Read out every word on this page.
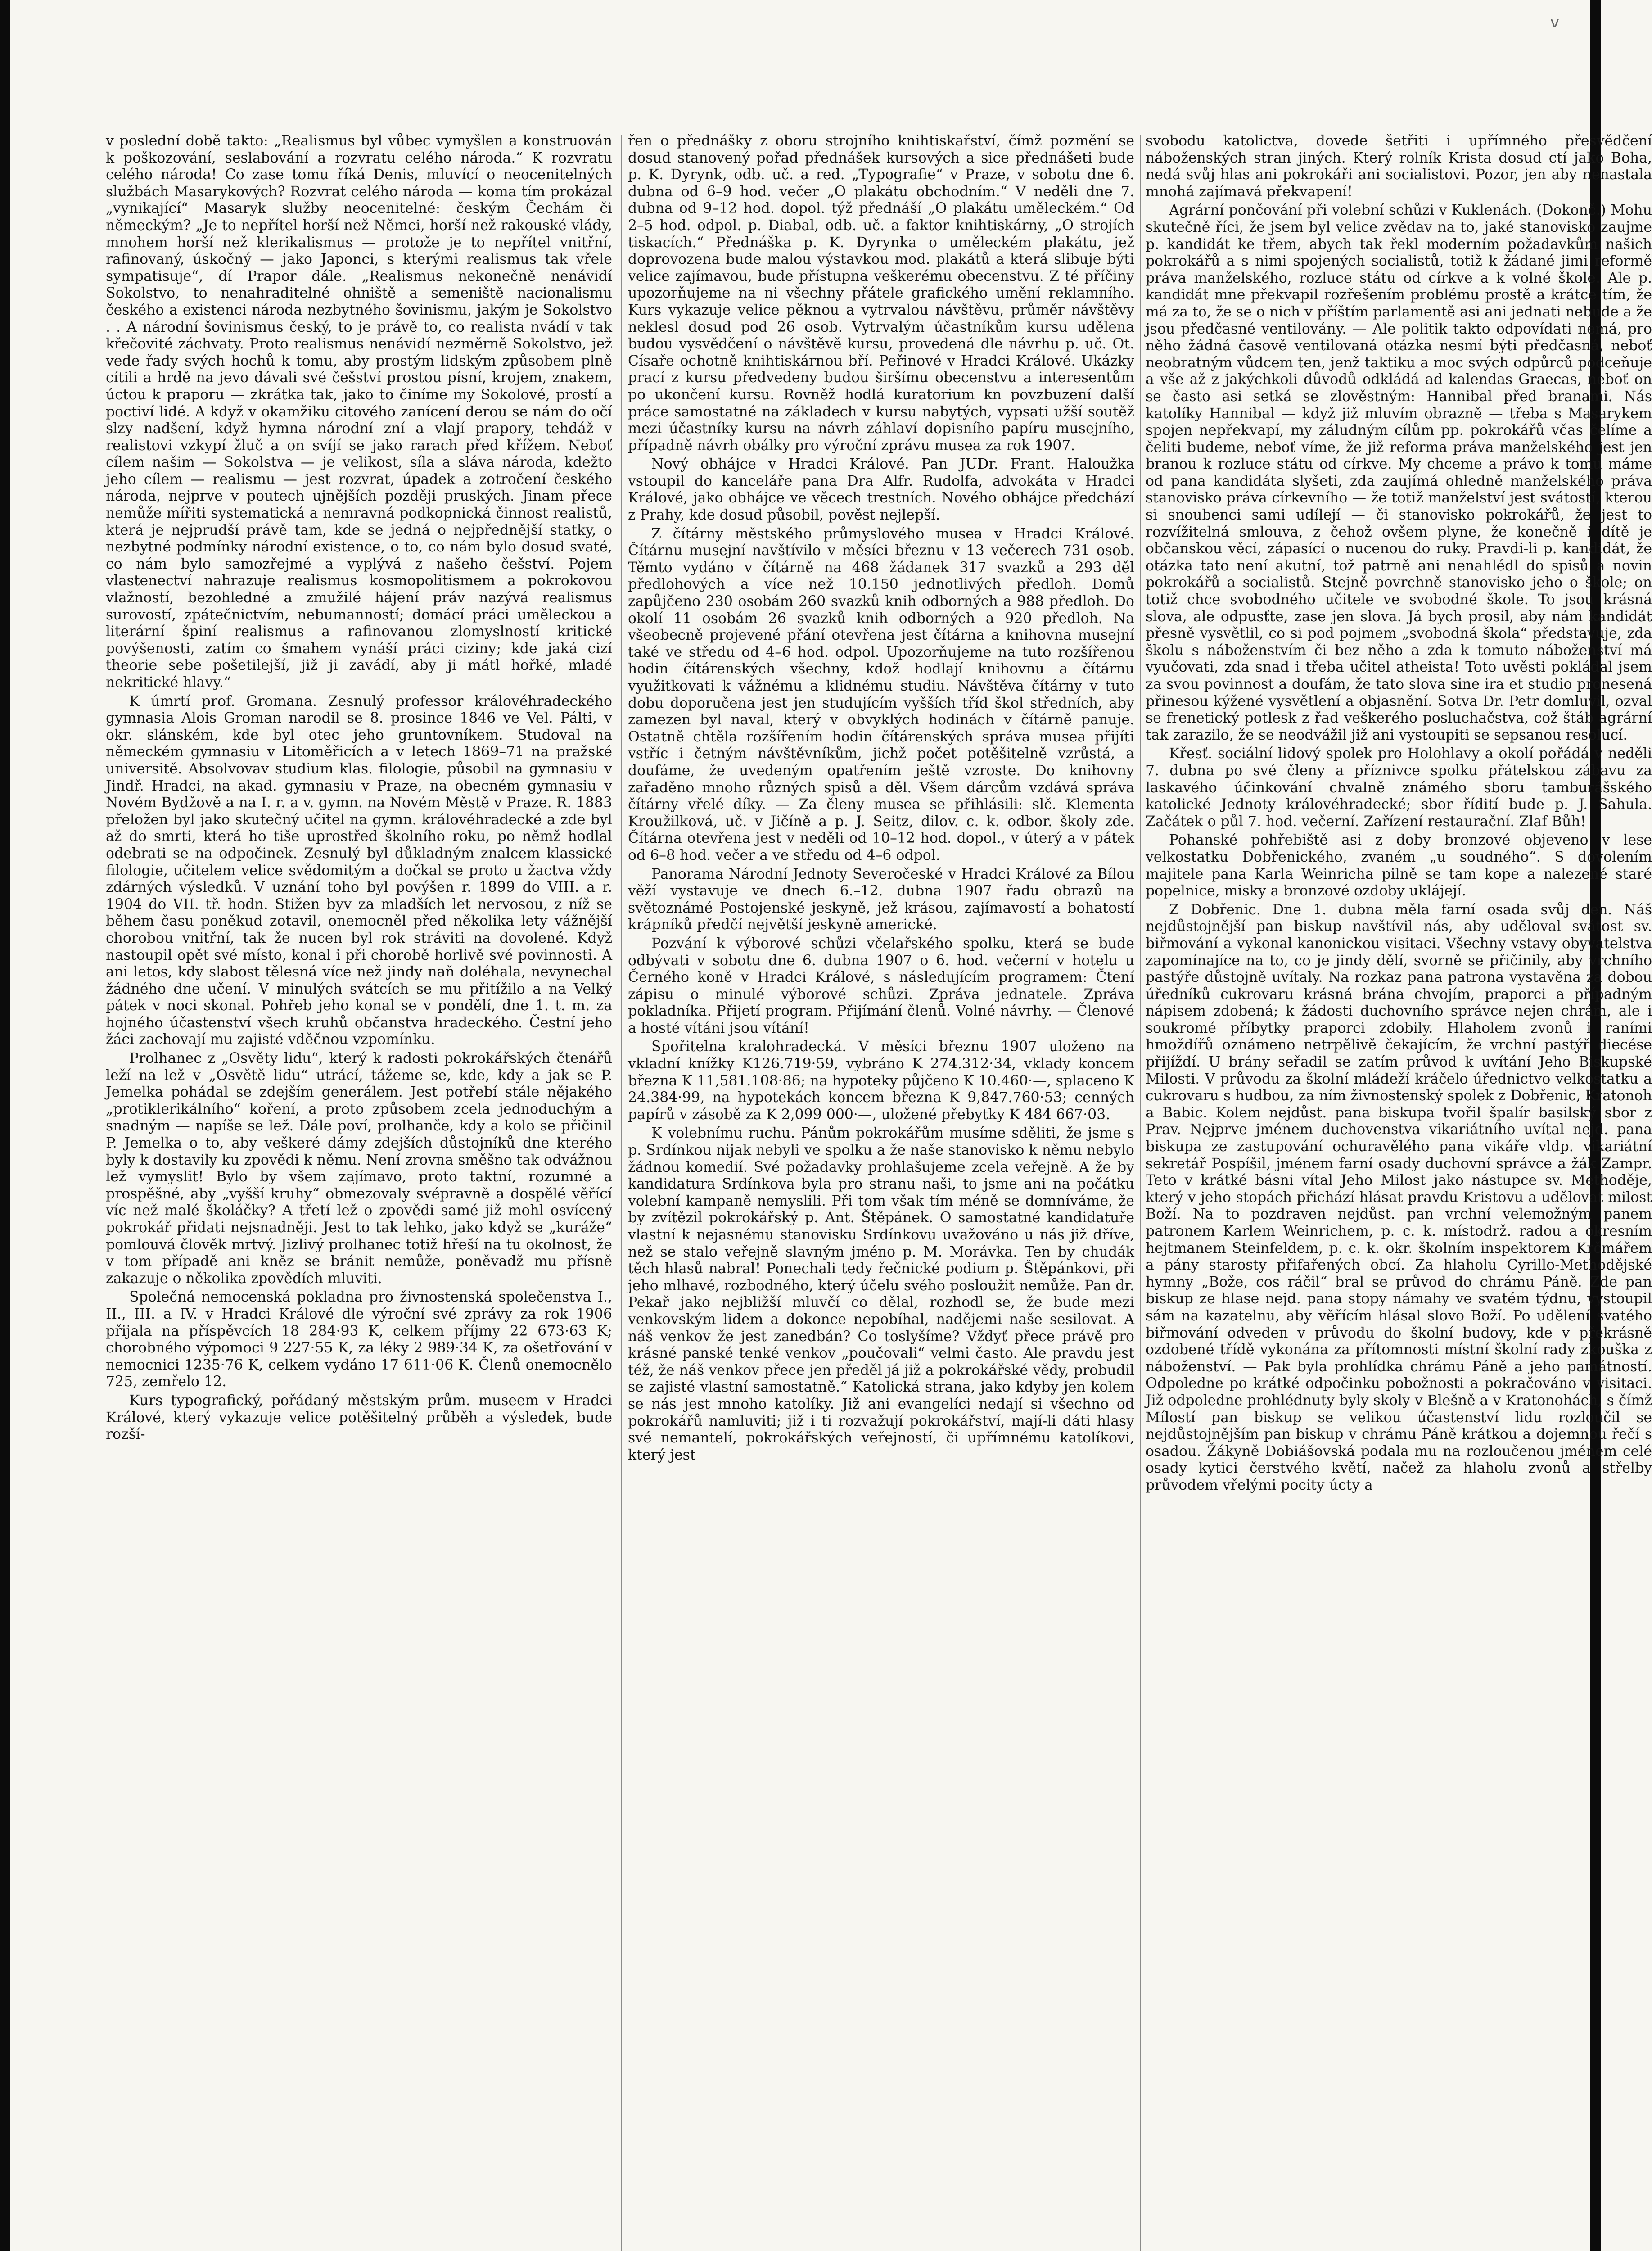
v

v poslední době takto: „Realismus byl vůbec vymyšlen a konstruován k poškozování, seslabování a rozvratu celého národa.“ K rozvratu celého národa! Co zase tomu říká Denis, mluvící o neocenitelných službách Masarykových? Rozvrat celého národa — koma tím prokázal „vynikající“ Masaryk služby neocenitelné: českým Čechám či německým? „Je to nepřítel horší než Němci, horší než rakouské vlády, mnohem horší než klerikalismus — protože je to nepřítel vnitřní, rafinovaný, úskočný — jako Japonci, s kterými realismus tak vřele sympatisuje“, dí Prapor dále. „Realismus nekonečně nenávidí Sokolstvo, to nenahraditelné ohniště a semeniště nacionalismu českého a existenci národa nezbytného šovinismu, jakým je Sokolstvo . . A národní šovinismus český, to je právě to, co realista nvádí v tak křečovité záchvaty. Proto realismus nenávidí nezměrně Sokolstvo, jež vede řady svých hochů k tomu, aby prostým lidským způsobem plně cítili a hrdě na jevo dávali své češství prostou písní, krojem, znakem, úctou k praporu — zkrátka tak, jako to činíme my Sokolové, prostí a poctiví lidé. A když v okamžiku citového zanícení derou se nám do očí slzy nadšení, když hymna národní zní a vlají prapory, tehdáž v realistovi vzkypí žluč a on svíjí se jako rarach před křížem. Neboť cílem našim — Sokolstva — je velikost, síla a sláva národa, kdežto jeho cílem — realismu — jest rozvrat, úpadek a zotročení českého národa, nejprve v poutech ujnějších později pruských. Jinam přece nemůže mířiti systematická a nemravná podkopnická činnost realistů, která je nejprudší právě tam, kde se jedná o nejpřednější statky, o nezbytné podmínky národní existence, o to, co nám bylo dosud svaté, co nám bylo samozřejmé a vyplývá z našeho češství. Pojem vlastenectví nahrazuje realismus kosmopolitismem a pokrokovou vlažností, bezohledné a zmužilé hájení práv nazývá realismus surovostí, zpátečnictvím, nebumanností; domácí práci uměleckou a literární špiní realismus a rafinovanou zlomyslností kritické povýšenosti, zatím co šmahem vynáší práci ciziny; kde jaká cizí theorie sebe pošetilejší, již ji zavádí, aby ji mátl hořké, mladé nekritické hlavy.“

K úmrtí prof. Gromana. Zesnulý professor královéhradeckého gymnasia Alois Groman narodil se 8. prosince 1846 ve Vel. Pálti, v okr. slánském, kde byl otec jeho gruntovníkem. Studoval na německém gymnasiu v Litoměřicích a v letech 1869–71 na pražské universitě. Absolvovav studium klas. filologie, působil na gymnasiu v Jindř. Hradci, na akad. gymnasiu v Praze, na obecném gymnasiu v Novém Bydžově a na I. r. a v. gymn. na Novém Městě v Praze. R. 1883 přeložen byl jako skutečný učitel na gymn. královéhradecké a zde byl až do smrti, která ho tiše uprostřed školního roku, po němž hodlal odebrati se na odpočinek. Zesnulý byl důkladným znalcem klassické filologie, učitelem velice svědomitým a dočkal se proto u žactva vždy zdárných výsledků. V uznání toho byl povýšen r. 1899 do VIII. a r. 1904 do VII. tř. hodn. Stižen byv za mladších let nervosou, z níž se během času poněkud zotavil, onemocněl před několika lety vážnější chorobou vnitřní, tak že nucen byl rok stráviti na dovolené. Když nastoupil opět své místo, konal i při chorobě horlivě své povinnosti. A ani letos, kdy slabost tělesná více než jindy naň doléhala, nevynechal žádného dne učení. V minulých svátcích se mu přitížilo a na Velký pátek v noci skonal. Pohřeb jeho konal se v pondělí, dne 1. t. m. za hojného účastenství všech kruhů občanstva hradeckého. Čestní jeho žáci zachovají mu zajisté vděčnou vzpomínku.

Prolhanec z „Osvěty lidu“, který k radosti pokrokářských čtenářů leží na lež v „Osvětě lidu“ utrácí, tážeme se, kde, kdy a jak se P. Jemelka pohádal se zdejším generálem. Jest potřebí stále nějakého „protiklerikálního“ koření, a proto způsobem zcela jednoduchým a snadným — napíše se lež. Dále poví, prolhanče, kdy a kolo se přičinil P. Jemelka o to, aby veškeré dámy zdejších důstojníků dne kterého byly k dostavily ku zpovědi k němu. Není zrovna směšno tak odvážnou lež vymyslit! Bylo by všem zajímavo, proto taktní, rozumné a prospěšné, aby „vyšší kruhy“ obmezovaly svépravně a dospělé věřící víc než malé školáčky? A třetí lež o zpovědi samé již mohl osvícený pokrokář přidati nejsnadněji. Jest to tak lehko, jako když se „kuráže“ pomlouvá člověk mrtvý. Jizlivý prolhanec totiž hřeší na tu okolnost, že v tom případě ani kněz se bránit nemůže, poněvadž mu přísně zakazuje o několika zpovědích mluviti.

Společná nemocenská pokladna pro živnostenská společenstva I., II., III. a IV. v Hradci Králové dle výroční své zprávy za rok 1906 přijala na příspěvcích 18 284·93 K, celkem příjmy 22 673·63 K; chorobného výpomoci 9 227·55 K, za léky 2 989·34 K, za ošetřování v nemocnici 1235·76 K, celkem vydáno 17 611·06 K. Členů onemocnělo 725, zemřelo 12.

Kurs typografický, pořádaný městským prům. museem v Hradci Králové, který vykazuje velice potěšitelný průběh a výsledek, bude rozší-

řen o přednášky z oboru strojního knihtiskařství, čímž pozmění se dosud stanovený pořad přednášek kursových a sice přednášeti bude p. K. Dyrynk, odb. uč. a red. „Typografie“ v Praze, v sobotu dne 6. dubna od 6–9 hod. večer „O plakátu obchodním.“ V neděli dne 7. dubna od 9–12 hod. dopol. týž přednáší „O plakátu uměleckém.“ Od 2–5 hod. odpol. p. Diabal, odb. uč. a faktor knihtiskárny, „O strojích tiskacích.“ Přednáška p. K. Dyrynka o uměleckém plakátu, jež doprovozena bude malou výstavkou mod. plakátů a která slibuje býti velice zajímavou, bude přístupna veškerému obecenstvu. Z té příčiny upozorňujeme na ni všechny přátele grafického umění reklamního. Kurs vykazuje velice pěknou a vytrvalou návštěvu, průměr návštěvy neklesl dosud pod 26 osob. Vytrvalým účastníkům kursu udělena budou vysvědčení o návštěvě kursu, provedená dle návrhu p. uč. Ot. Císaře ochotně knihtiskárnou bří. Peřinové v Hradci Králové. Ukázky prací z kursu předvedeny budou širšímu obecenstvu a interesentům po ukončení kursu. Rovněž hodlá kuratorium kn povzbuzení další práce samostatné na základech v kursu nabytých, vypsati užší soutěž mezi účastníky kursu na návrh záhlaví dopisního papíru musejního, případně návrh obálky pro výroční zprávu musea za rok 1907.

Nový obhájce v Hradci Králové. Pan JUDr. Frant. Haloužka vstoupil do kanceláře pana Dra Alfr. Rudolfa, advokáta v Hradci Králové, jako obhájce ve věcech trestních. Nového obhájce předchází z Prahy, kde dosud působil, pověst nejlepší.

Z čítárny městského průmyslového musea v Hradci Králové. Čítárnu musejní navštívilo v měsíci březnu v 13 večerech 731 osob. Těmto vydáno v čítárně na 468 žádanek 317 svazků a 293 děl předlohových a více než 10.150 jednotlivých předloh. Domů zapůjčeno 230 osobám 260 svazků knih odborných a 988 předloh. Do okolí 11 osobám 26 svazků knih odborných a 920 předloh. Na všeobecně projevené přání otevřena jest čítárna a knihovna musejní také ve středu od 4–6 hod. odpol. Upozorňujeme na tuto rozšířenou hodin čítárenských všechny, kdož hodlají knihovnu a čítárnu využitkovati k vážnému a klidnému studiu. Návštěva čítárny v tuto dobu doporučena jest jen studujícím vyšších tříd škol středních, aby zamezen byl naval, který v obvyklých hodinách v čítárně panuje. Ostatně chtěla rozšířením hodin čítárenských správa musea přijíti vstříc i četným návštěvníkům, jichž počet potěšitelně vzrůstá, a doufáme, že uvedeným opatřením ještě vzroste. Do knihovny zařaděno mnoho různých spisů a děl. Všem dárcům vzdává správa čítárny vřelé díky. — Za členy musea se přihlásili: slč. Klementa Kroužilková, uč. v Jičíně a p. J. Seitz, dilov. c. k. odbor. školy zde. Čítárna otevřena jest v neděli od 10–12 hod. dopol., v úterý a v pátek od 6–8 hod. večer a ve středu od 4–6 odpol.

Panorama Národní Jednoty Severočeské v Hradci Králové za Bílou věží vystavuje ve dnech 6.–12. dubna 1907 řadu obrazů na světoznámé Postojenské jeskyně, jež krásou, zajímavostí a bohatostí krápníků předčí největší jeskyně americké.

Pozvání k výborové schůzi včelařského spolku, která se bude odbývati v sobotu dne 6. dubna 1907 o 6. hod. večerní v hotelu u Černého koně v Hradci Králové, s následujícím programem: Čtení zápisu o minulé výborové schůzi. Zpráva jednatele. Zpráva pokladníka. Přijetí program. Přijímání členů. Volné návrhy. — Členové a hosté vítáni jsou vítání!

Spořitelna kralohradecká. V měsíci březnu 1907 uloženo na vkladní knížky K126.719·59, vybráno K 274.312·34, vklady koncem března K 11,581.108·86; na hypoteky půjčeno K 10.460·—, splaceno K 24.384·99, na hypotekách koncem března K 9,847.760·53; cenných papírů v zásobě za K 2,099 000·—, uložené přebytky K 484 667·03.

K volebnímu ruchu. Pánům pokrokářům musíme sděliti, že jsme s p. Srdínkou nijak nebyli ve spolku a že naše stanovisko k němu nebylo žádnou komedií. Své požadavky prohlašujeme zcela veřejně. A že by kandidatura Srdínkova byla pro stranu naši, to jsme ani na počátku volební kampaně nemyslili. Při tom však tím méně se domníváme, že by zvítězil pokrokářský p. Ant. Štěpánek. O samostatné kandidatuře vlastní k nejasnému stanovisku Srdínkovu uvažováno u nás již dříve, než se stalo veřejně slavným jméno p. M. Morávka. Ten by chudák těch hlasů nabral! Ponechali tedy řečnické podium p. Štěpánkovi, při jeho mlhavé, rozbodného, který účelu svého posloužit nemůže. Pan dr. Pekař jako nejbližší mluvčí co dělal, rozhodl se, že bude mezi venkovským lidem a dokonce nepobíhal, nadějemi naše sesilovat. A náš venkov že jest zanedbán? Co toslyšíme? Vždyť přece právě pro krásné panské tenké venkov „poučovali“ velmi často. Ale pravdu jest též, že náš venkov přece jen předěl já již a pokrokářské vědy, probudil se zajisté vlastní samostatně.“ Katolická strana, jako kdyby jen kolem se nás jest mnoho katolíky. Již ani evangelíci nedají si všechno od pokrokářů namluviti; již i ti rozvažují pokrokářství, mají-li dáti hlasy své nemantelí, pokrokářských veřejností, či upřímnému katolíkovi, který jest

svobodu katolictva, dovede šetřiti i upřímného přesvědčení náboženských stran jiných. Který rolník Krista dosud ctí jako Boha, nedá svůj hlas ani pokrokáři ani socialistovi. Pozor, jen aby nenastala mnohá zajímavá překvapení!

Agrární pončování při volební schůzi v Kuklenách. (Dokonč.) Mohu skutečně říci, že jsem byl velice zvědav na to, jaké stanovisko zaujme p. kandidát ke třem, abych tak řekl moderním požadavkům našich pokrokářů a s nimi spojených socialistů, totiž k žádané jimi reformě práva manželského, rozluce státu od církve a k volné škole. Ale p. kandidát mne překvapil rozřešením problému prostě a krátce tím, že má za to, že se o nich v příštím parlamentě asi ani jednati nebude a že jsou předčasné ventilovány. — Ale politik takto odpovídati nemá, pro něho žádná časově ventilovaná otázka nesmí býti předčasná, neboť neobratným vůdcem ten, jenž taktiku a moc svých odpůrců podceňuje a vše až z jakýchkoli důvodů odkládá ad kalendas Graecas, neboť on se často asi setká se zlověstným: Hannibal před branami. Nás katolíky Hannibal — když již mluvím obrazně — třeba s Masarykem spojen nepřekvapí, my záludným cílům pp. pokrokářů včas čelíme a čeliti budeme, neboť víme, že již reforma práva manželského jest jen branou k rozluce státu od církve. My chceme a právo k tomu máme od pana kandidáta slyšeti, zda zaujímá ohledně manželského práva stanovisko práva církevního — že totiž manželství jest svátostí, kterou si snoubenci sami udílejí — či stanovisko pokrokářů, že jest to rozvížitelná smlouva, z čehož ovšem plyne, že konečně i dítě je občanskou věcí, zápasící o nucenou do ruky. Pravdi-li p. kandidát, že otázka tato není akutní, tož patrně ani nenahlédl do spisů a novin pokrokářů a socialistů. Stejně povrchně stanovisko jeho o škole; on totiž chce svobodného učitele ve svobodné škole. To jsou krásná slova, ale odpusťte, zase jen slova. Já bych prosil, aby nám kandidát přesně vysvětlil, co si pod pojmem „svobodná škola“ představuje, zda školu s náboženstvím či bez něho a zda k tomuto náboženství má vyučovati, zda snad i třeba učitel atheista! Toto uvěsti pokládal jsem za svou povinnost a doufám, že tato slova sine ira et studio pronesená přinesou kýžené vysvětlení a objasnění. Sotva Dr. Petr domluvil, ozval se frenetický potlesk z řad veškerého posluchačstva, což štáb agrární tak zarazilo, že se neodvážil již ani vystoupiti se sepsanou resolucí.

Křesť. sociální lidový spolek pro Holohlavy a okolí pořádá v neděli 7. dubna po své členy a příznivce spolku přátelskou zábavu za laskavého účinkování chvalně známého sboru tamburášského katolické Jednoty královéhradecké; sbor řídití bude p. J. Sahula. Začátek o půl 7. hod. večerní. Zařízení restaurační. Zlaf Bůh!

Pohanské pohřebiště asi z doby bronzové objeveno v lese velkostatku Dobřenického, zvaném „u soudného“. S dovolením majitele pana Karla Weinricha pilně se tam kope a nalezené staré popelnice, misky a bronzové ozdoby uklájejí.

Z Dobřenic. Dne 1. dubna měla farní osada svůj den. Náš nejdůstojnější pan biskup navštívil nás, aby uděloval svátost sv. biřmování a vykonal kanonickou visitaci. Všechny vstavy obyvatelstva zapomínajíce na to, co je jindy dělí, svorně se přičinily, aby vrchního pastýře důstojně uvítaly. Na rozkaz pana patrona vystavěna za dobou úředníků cukrovaru krásná brána chvojím, praporci a případným nápisem zdobená; k žádosti duchovního správce nejen chrám, ale i soukromé příbytky praporci zdobily. Hlaholem zvonů i raními hmoždířů oznámeno netrpělivě čekajícím, že vrchní pastýř diecése přijíždí. U brány seřadil se zatím průvod k uvítání Jeho Biskupské Milosti. V průvodu za školní mládeží kráčelo úřednictvo velkostatku a cukrovaru s hudbou, za ním živnostenský spolek z Dobřenic, Kratonoh a Babic. Kolem nejdůst. pana biskupa tvořil špalír basilský sbor z Prav. Nejprve jménem duchovenstva vikariátního uvítal nejd. pana biskupa ze zastupování ochuravělého pana vikáře vldp. vikariátní sekretář Pospíšil, jménem farní osady duchovní správce a žák Zampr. Teto v krátké básni vítal Jeho Milost jako nástupce sv. Methoděje, který v jeho stopách přichází hlásat pravdu Kristovu a udělovat milost Boží. Na to pozdraven nejdůst. pan vrchní velemožným panem patronem Karlem Weinrichem, p. c. k. místodrž. radou a okresním hejtmanem Steinfeldem, p. c. k. okr. školním inspektorem Krčmářem a pány starosty přifařených obcí. Za hlaholu Cyrillo-Methodějské hymny „Bože, cos ráčil“ bral se průvod do chrámu Páně. Zde pan biskup ze hlase nejd. pana stopy námahy ve svatém týdnu, vystoupil sám na kazatelnu, aby věřícím hlásal slovo Boží. Po udělení svatého biřmování odveden v průvodu do školní budovy, kde v překrásně ozdobené třídě vykonána za přítomnosti místní školní rady zkouška z náboženství. — Pak byla prohlídka chrámu Páně a jeho památností. Odpoledne po krátké odpočinku pobožnosti a pokračováno v visitaci. Již odpoledne prohlédnuty byly skoly v Blešně a v Kratonohách, s čímž Mílostí pan biskup se velikou účastenství lidu rozloučil se nejdůstojnějším pan biskup v chrámu Páně krátkou a dojemnou řečí s osadou. Žákyně Dobiášovská podala mu na rozloučenou jménem celé osady kytici čerstvého květí, načež za hlaholu zvonů a střelby průvodem vřelými pocity úcty a
